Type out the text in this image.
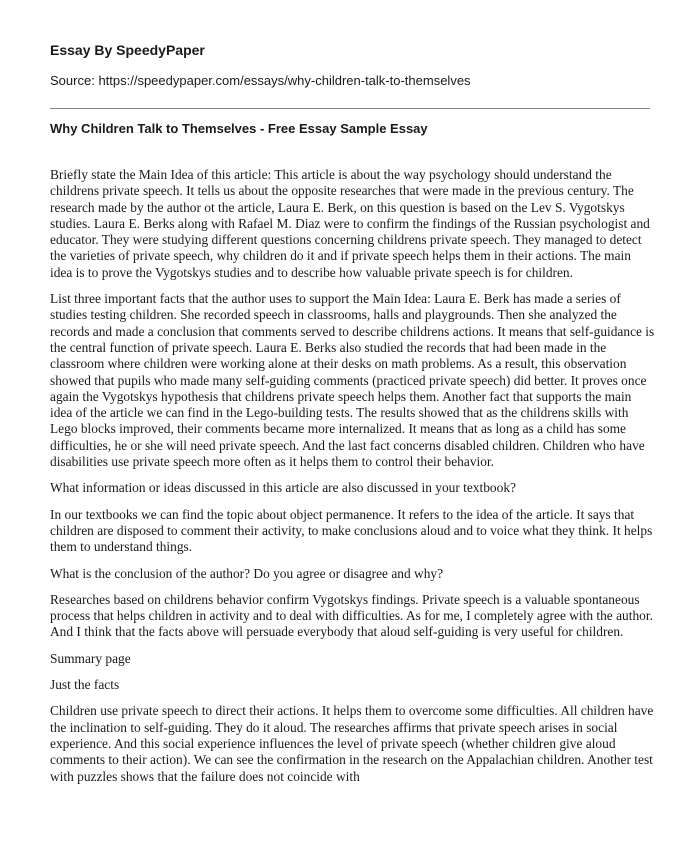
Essay By SpeedyPaper
Source: https://speedypaper.com/essays/why-children-talk-to-themselves
Why Children Talk to Themselves - Free Essay Sample Essay

Briefly state the Main Idea of this article: This article is about the way psychology should understand the childrens private speech. It tells us about the opposite researches that were made in the previous century. The research made by the author ot the article, Laura E. Berk, on this question is based on the Lev S. Vygotskys studies. Laura E. Berks along with Rafael M. Diaz were to confirm the findings of the Russian psychologist and educator. They were studying different questions concerning childrens private speech. They managed to detect the varieties of private speech, why children do it and if private speech helps them in their actions. The main idea is to prove the Vygotskys studies and to describe how valuable private speech is for children.

List three important facts that the author uses to support the Main Idea: Laura E. Berk has made a series of studies testing children. She recorded speech in classrooms, halls and playgrounds. Then she analyzed the records and made a conclusion that comments served to describe childrens actions. It means that self-guidance is the central function of private speech. Laura E. Berks also studied the records that had been made in the classroom where children were working alone at their desks on math problems. As a result, this observation showed that pupils who made many self-guiding comments (practiced private speech) did better. It proves once again the Vygotskys hypothesis that childrens private speech helps them. Another fact that supports the main idea of the article we can find in the Lego-building tests. The results showed that as the childrens skills with Lego blocks improved, their comments became more internalized. It means that as long as a child has some difficulties, he or she will need private speech. And the last fact concerns disabled children. Children who have disabilities use private speech more often as it helps them to control their behavior.

What information or ideas discussed in this article are also discussed in your textbook?

In our textbooks we can find the topic about object permanence. It refers to the idea of the article. It says that children are disposed to comment their activity, to make conclusions aloud and to voice what they think. It helps them to understand things.

What is the conclusion of the author? Do you agree or disagree and why?

Researches based on childrens behavior confirm Vygotskys findings. Private speech is a valuable spontaneous process that helps children in activity and to deal with difficulties. As for me, I completely agree with the author. And I think that the facts above will persuade everybody that aloud self-guiding is very useful for children.

Summary page

Just the facts

Children use private speech to direct their actions. It helps them to overcome some difficulties. All children have the inclination to self-guiding. They do it aloud. The researches affirms that private speech arises in social experience. And this social experience influences the level of private speech (whether children give aloud comments to their action). We can see the confirmation in the research on the Appalachian children. Another test with puzzles shows that the failure does not coincide with
